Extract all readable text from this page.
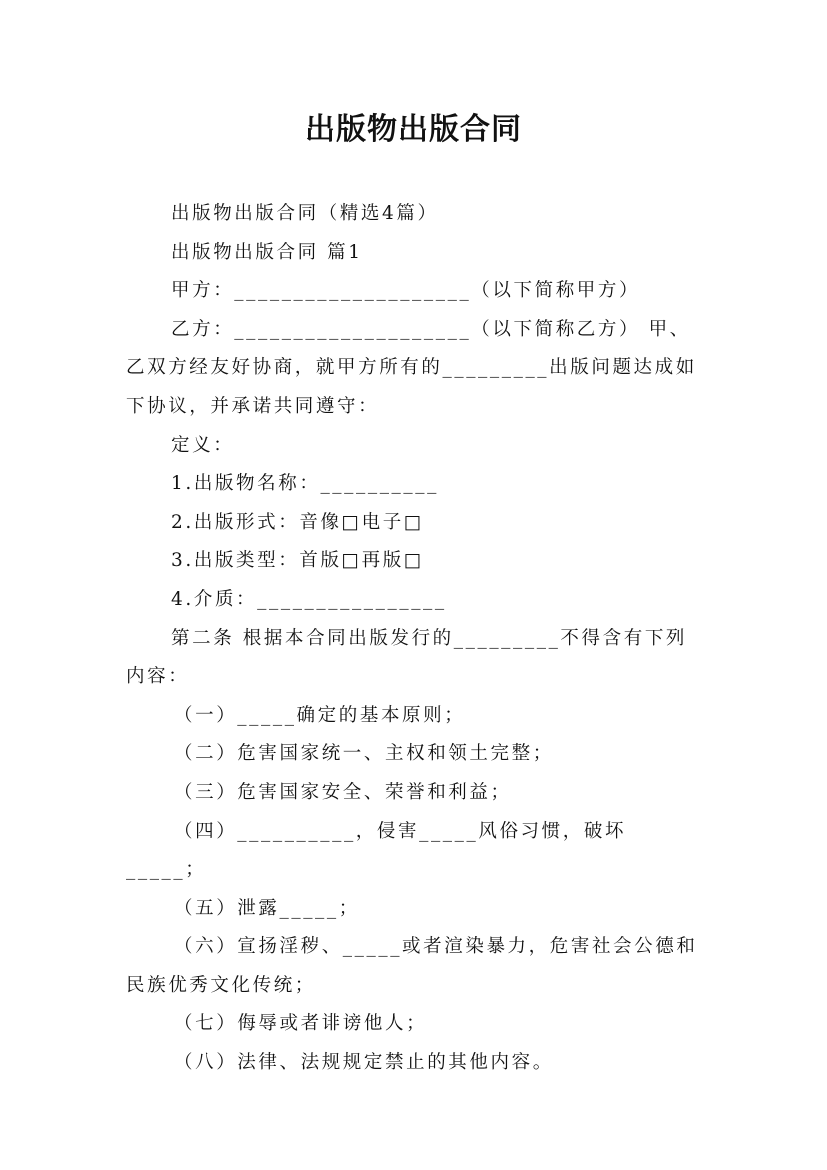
出版物出版合同

出版物出版合同（精选4篇）

出版物出版合同 篇1

甲方：____________________（以下简称甲方）

乙方：____________________（以下简称乙方） 甲、乙双方经友好协商，就甲方所有的_________出版问题达成如下协议，并承诺共同遵守：

定义：

1.出版物名称：__________

2.出版形式：音像□电子□

3.出版类型：首版□再版□

4.介质：________________

第二条 根据本合同出版发行的_________不得含有下列内容：

（一）_____确定的基本原则；

（二）危害国家统一、主权和领土完整；

（三）危害国家安全、荣誉和利益；

（四）__________，侵害_____风俗习惯，破坏_____；

（五）泄露_____；

（六）宣扬淫秽、_____或者渲染暴力，危害社会公德和民族优秀文化传统；

（七）侮辱或者诽谤他人；

（八）法律、法规规定禁止的其他内容。
